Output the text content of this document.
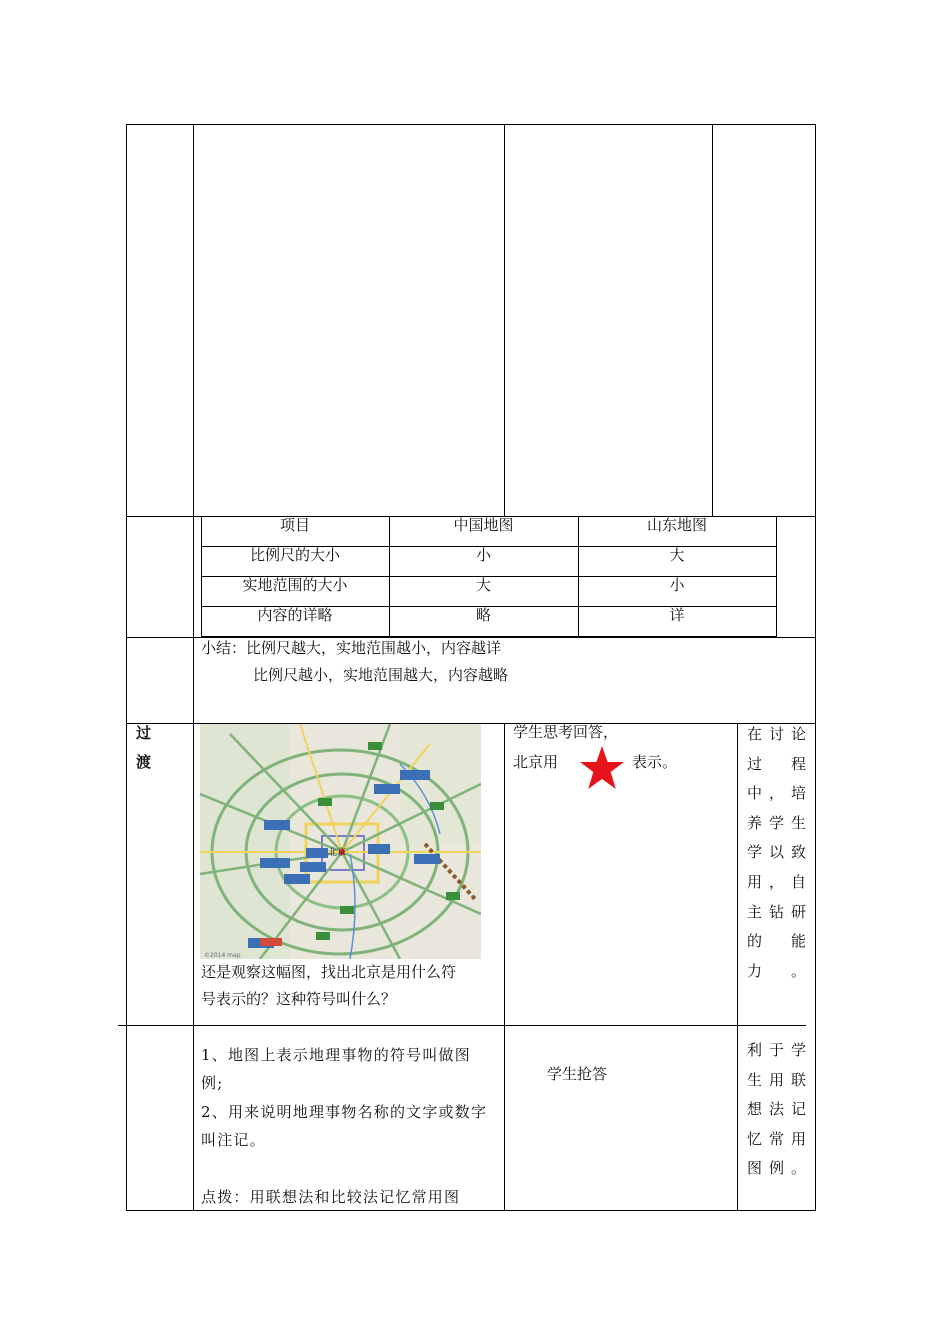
项目	中国地图	山东地图
比例尺的大小	小	大
实地范围的大小	大	小
内容的详略	略	详
小结：比例尺越大，实地范围越小，内容越详
比例尺越小，实地范围越大，内容越略
过
渡
北京
©2014 map
还是观察这幅图，找出北京是用什么符
号表示的？这种符号叫什么？
学生思考回答，
北京用	表示。
在讨论
过程
中，培
养学生
学以致
用，自
主钻研
的能
力。
1、地图上表示地理事物的符号叫做图
例;
2、用来说明地理事物名称的文字或数字
叫注记。
点拨：用联想法和比较法记忆常用图
学生抢答
利于学
生用联
想法记
忆常用
图例。
